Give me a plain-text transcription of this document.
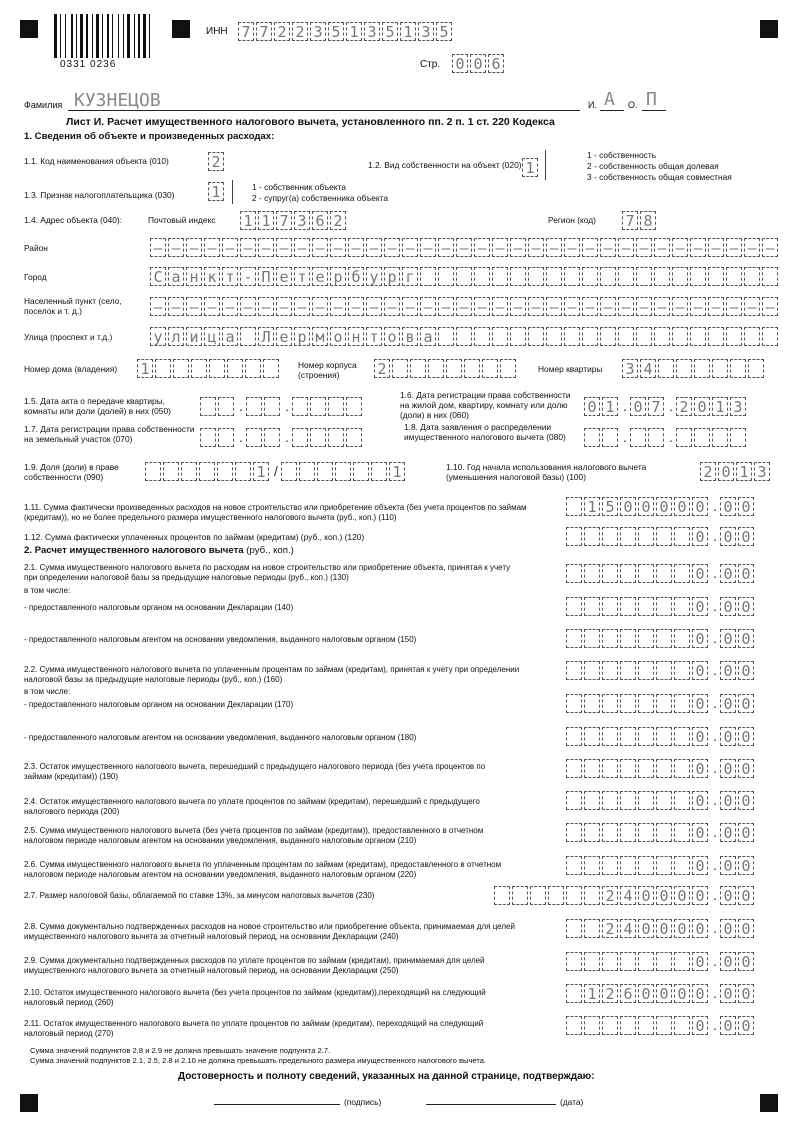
0331 0236
ИНН 7 7 2 2 3 5 1 3 5 1 3 5
Стр. 0 0 6
Фамилия КУЗНЕЦОВ	И. А О. П
Лист И. Расчет имущественного налогового вычета, установленного пп. 2 п. 1 ст. 220 Кодекса
1. Сведения об объекте и произведенных расходах:
1.1. Код наименования объекта (010)	2	1.2. Вид собственности на объект (020) 1
1 - собственность
2 - собственность общая долевая
3 - собственность общая совместная
1.3. Признак налогоплательщика (030) 1	1 - собственник объекта
2 - супруг(а) собственника объекта
1.4. Адрес объекта (040):	Почтовый индекс 1 1 7 3 6 2	Регион (код) 7 8
Район	– – – – – – – – – – – – – – – – – – – – – – – – – – – – – – – – – – –
Город	С а н к т - П е т е р б у р г
Населенный пункт (село, поселок и т. д.)	– – – – – – – – – – – – – – – – – – – – – – – – – – – – – – – – – – –
Улица (проспект и т.д.)	у л и ц а Л е р м о н т о в а
Номер дома (владения) 1	Номер корпуса (строения)	2	Номер квартиры 3 4
1.5. Дата акта о передаче квартиры, комнаты или доли (долей) в них (050)	.	.
1.6. Дата регистрации права собственности на жилой дом, квартиру, комнату или долю (доли) в них (060)	0 1 . 0 7 . 2 0 1 3
1.7. Дата регистрации права собственности на земельный участок (070)	.	.
1.8. Дата заявления о распределении имущественного налогового вычета (080)	.	.
1.9. Доля (доли) в праве собственности (090)	1 /	1	1.10. Год начала использования налогового вычета (уменьшения налоговой базы) (100)	2 0 1 3
1.11. Сумма фактически произведенных расходов на новое строительство или приобретение объекта (без учета процентов по займам (кредитам)), но не более предельного размера имущественного налогового вычета (руб., коп.) (110)
1 5 0 0 0 0 0 . 0 0
1.12. Сумма фактически уплаченных процентов по займам (кредитам) (руб., коп.) (120)	0 . 0 0
2. Расчет имущественного налогового вычета (руб., коп.)
2.1. Сумма имущественного налогового вычета по расходам на новое строительство или приобретение объекта, принятая к учету при определении налоговой базы за предыдущие налоговые периоды (руб., коп.) (130)	0 . 0 0
в том числе:
- предоставленного налоговым органом на основании Декларации (140)	0 . 0 0
- предоставленного налоговым агентом на основании уведомления, выданного налоговым органом (150)	0 . 0 0
2.2. Сумма имущественного налогового вычета по уплаченным процентам по займам (кредитам), принятая к учету при определении налоговой базы за предыдущие налоговые периоды (руб., коп.) (160)	0 . 0 0
в том числе:
- предоставленного налоговым органом на основании Декларации (170)	0 . 0 0
- предоставленного налоговым агентом на основании уведомления, выданного налоговым органом (180)	0 . 0 0
2.3. Остаток имущественного налогового вычета, перешедший с предыдущего налогового периода (без учета процентов по займам (кредитам)) (190)	0 . 0 0
2.4. Остаток имущественного налогового вычета по уплате процентов по займам (кредитам), перешедший с предыдущего налогового периода (200)
0 . 0 0
2.5. Сумма имущественного налогового вычета (без учета процентов по займам (кредитам)), предоставленного в отчетном налоговом периоде налоговым агентом на основании уведомления, выданного налоговым органом (210)	0 . 0 0
2.6. Сумма имущественного налогового вычета по уплаченным процентам по займам (кредитам), предоставленного в отчетном налоговом периоде налоговым агентом на основании уведомления, выданного налоговым органом (220)	0 . 0 0
2.7. Размер налоговой базы, облагаемой по ставке 13%, за минусом налоговых вычетов (230)	2 4 0 0 0 0 . 0 0
2.8. Сумма документально подтвержденных расходов на новое строительство или приобретение объекта, принимаемая для целей имущественного налогового вычета за отчетный налоговый период, на основании Декларации (240)	2 4 0 0 0 0 . 0 0
2.9. Сумма документально подтвержденных расходов по уплате процентов по займам (кредитам), принимаемая для целей имущественного налогового вычета за отчетный налоговый период, на основании Декларации (250)	0 . 0 0
2.10. Остаток имущественного налогового вычета (без учета процентов по займам (кредитам)),переходящий на следующий налоговый период (260)	1 2 6 0 0 0 0 . 0 0
2.11. Остаток имущественного налогового вычета по уплате процентов по займам (кредитам), переходящий на следующий налоговый период (270)	0 . 0 0
Сумма значений подпунктов 2.8 и 2.9 не должна превышать значение подпункта 2.7.
Сумма значений подпунктов 2.1, 2.5, 2.8 и 2.10 не должна превышать предельного размера имущественного налогового вычета.
Достоверность и полноту сведений, указанных на данной странице, подтверждаю:
(подпись)	(дата)
